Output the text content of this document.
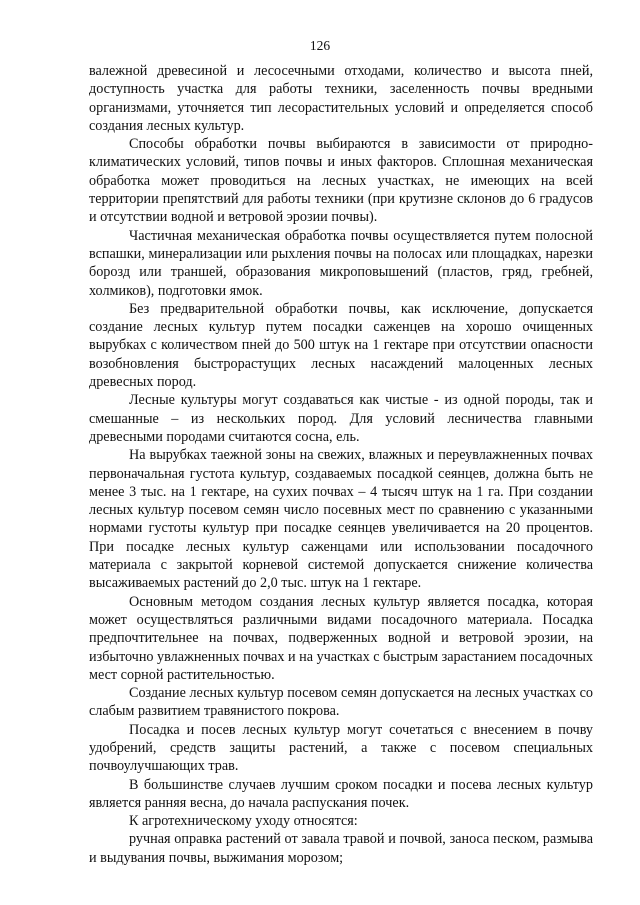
126

валежной древесиной и лесосечными отходами, количество и высота пней, доступность участка для работы техники, заселенность почвы вредными организмами, уточняется тип лесорастительных условий и определяется способ создания лесных культур.

Способы обработки почвы выбираются в зависимости от природно-климатических условий, типов почвы и иных факторов. Сплошная механическая обработка может проводиться на лесных участках, не имеющих на всей территории препятствий для работы техники (при крутизне склонов до 6 градусов и отсутствии водной и ветровой эрозии почвы).

Частичная механическая обработка почвы осуществляется путем полосной вспашки, минерализации или рыхления почвы на полосах или площадках, нарезки борозд или траншей, образования микроповышений (пластов, гряд, гребней, холмиков), подготовки ямок.

Без предварительной обработки почвы, как исключение, допускается создание лесных культур путем посадки саженцев на хорошо очищенных вырубках с количеством пней до 500 штук на 1 гектаре при отсутствии опасности возобновления быстрорастущих лесных насаждений малоценных лесных древесных пород.

Лесные культуры могут создаваться как чистые - из одной породы, так и смешанные – из нескольких пород. Для условий лесничества главными древесными породами считаются сосна, ель.

На вырубках таежной зоны на свежих, влажных и переувлажненных почвах первоначальная густота культур, создаваемых посадкой сеянцев, должна быть не менее 3 тыс. на 1 гектаре, на сухих почвах – 4 тысяч штук на 1 га. При создании лесных культур посевом семян число посевных мест по сравнению с указанными нормами густоты культур при посадке сеянцев увеличивается на 20 процентов. При посадке лесных культур саженцами или использовании посадочного материала с закрытой корневой системой допускается снижение количества высаживаемых растений до 2,0 тыс. штук на 1 гектаре.

Основным методом создания лесных культур является посадка, которая может осуществляться различными видами посадочного материала. Посадка предпочтительнее на почвах, подверженных водной и ветровой эрозии, на избыточно увлажненных почвах и на участках с быстрым зарастанием посадочных мест сорной растительностью.

Создание лесных культур посевом семян допускается на лесных участках со слабым развитием травянистого покрова.

Посадка и посев лесных культур могут сочетаться с внесением в почву удобрений, средств защиты растений, а также с посевом специальных почвоулучшающих трав.

В большинстве случаев лучшим сроком посадки и посева лесных культур является ранняя весна, до начала распускания почек.

К агротехническому уходу относятся:

ручная оправка растений от завала травой и почвой, заноса песком, размыва и выдувания почвы, выжимания морозом;
